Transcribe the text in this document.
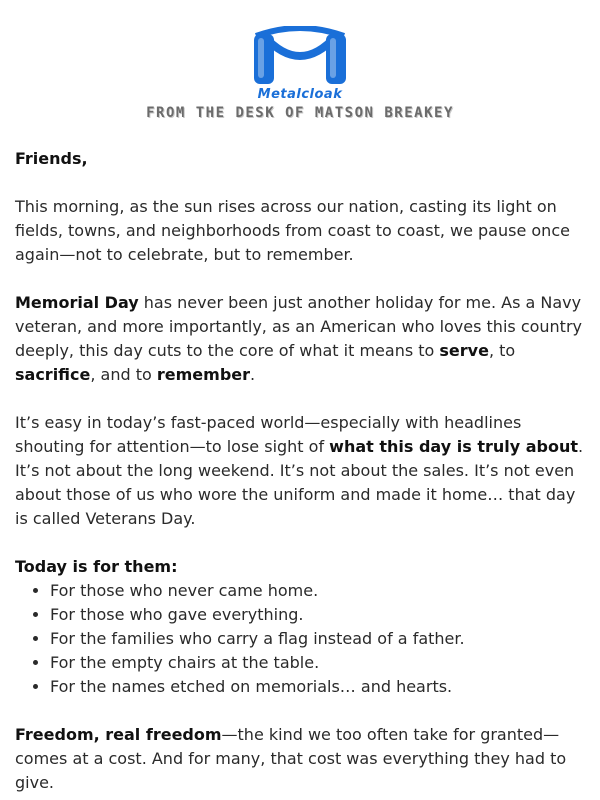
Metalcloak
FROM THE DESK OF MATSON BREAKEY

Friends,

This morning, as the sun rises across our nation, casting its light on fields, towns, and neighborhoods from coast to coast, we pause once again—not to celebrate, but to remember.

Memorial Day has never been just another holiday for me. As a Navy veteran, and more importantly, as an American who loves this country deeply, this day cuts to the core of what it means to serve, to sacrifice, and to remember.

It’s easy in today’s fast-paced world—especially with headlines shouting for attention—to lose sight of what this day is truly about. It’s not about the long weekend. It’s not about the sales. It’s not even about those of us who wore the uniform and made it home… that day is called Veterans Day.

Today is for them:
• For those who never came home.
• For those who gave everything.
• For the families who carry a flag instead of a father.
• For the empty chairs at the table.
• For the names etched on memorials… and hearts.

Freedom, real freedom—the kind we too often take for granted—comes at a cost. And for many, that cost was everything they had to give.
